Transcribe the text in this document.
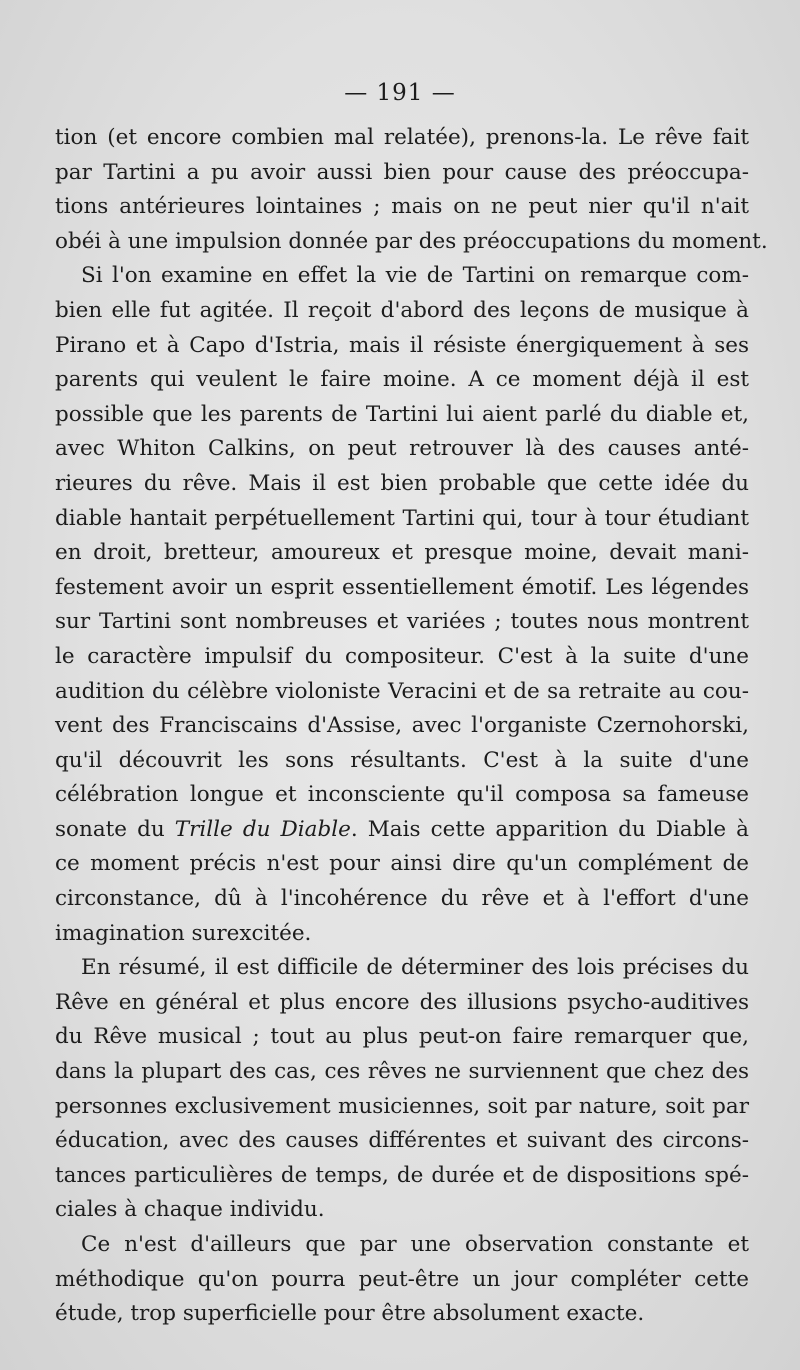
— 191 —
tion (et encore combien mal relatée), prenons-la. Le rêve fait
par Tartini a pu avoir aussi bien pour cause des préoccupa-
tions antérieures lointaines ; mais on ne peut nier qu'il n'ait
obéi à une impulsion donnée par des préoccupations du moment.
Si l'on examine en effet la vie de Tartini on remarque com-
bien elle fut agitée. Il reçoit d'abord des leçons de musique à
Pirano et à Capo d'Istria, mais il résiste énergiquement à ses
parents qui veulent le faire moine. A ce moment déjà il est
possible que les parents de Tartini lui aient parlé du diable et,
avec Whiton Calkins, on peut retrouver là des causes anté-
rieures du rêve. Mais il est bien probable que cette idée du
diable hantait perpétuellement Tartini qui, tour à tour étudiant
en droit, bretteur, amoureux et presque moine, devait mani-
festement avoir un esprit essentiellement émotif. Les légendes
sur Tartini sont nombreuses et variées ; toutes nous montrent
le caractère impulsif du compositeur. C'est à la suite d'une
audition du célèbre violoniste Veracini et de sa retraite au cou-
vent des Franciscains d'Assise, avec l'organiste Czernohorski,
qu'il découvrit les sons résultants. C'est à la suite d'une
célébration longue et inconsciente qu'il composa sa fameuse
sonate du Trille du Diable. Mais cette apparition du Diable à
ce moment précis n'est pour ainsi dire qu'un complément de
circonstance, dû à l'incohérence du rêve et à l'effort d'une
imagination surexcitée.
En résumé, il est difficile de déterminer des lois précises du
Rêve en général et plus encore des illusions psycho-auditives
du Rêve musical ; tout au plus peut-on faire remarquer que,
dans la plupart des cas, ces rêves ne surviennent que chez des
personnes exclusivement musiciennes, soit par nature, soit par
éducation, avec des causes différentes et suivant des circons-
tances particulières de temps, de durée et de dispositions spé-
ciales à chaque individu.
Ce n'est d'ailleurs que par une observation constante et
méthodique qu'on pourra peut-être un jour compléter cette
étude, trop superficielle pour être absolument exacte.
